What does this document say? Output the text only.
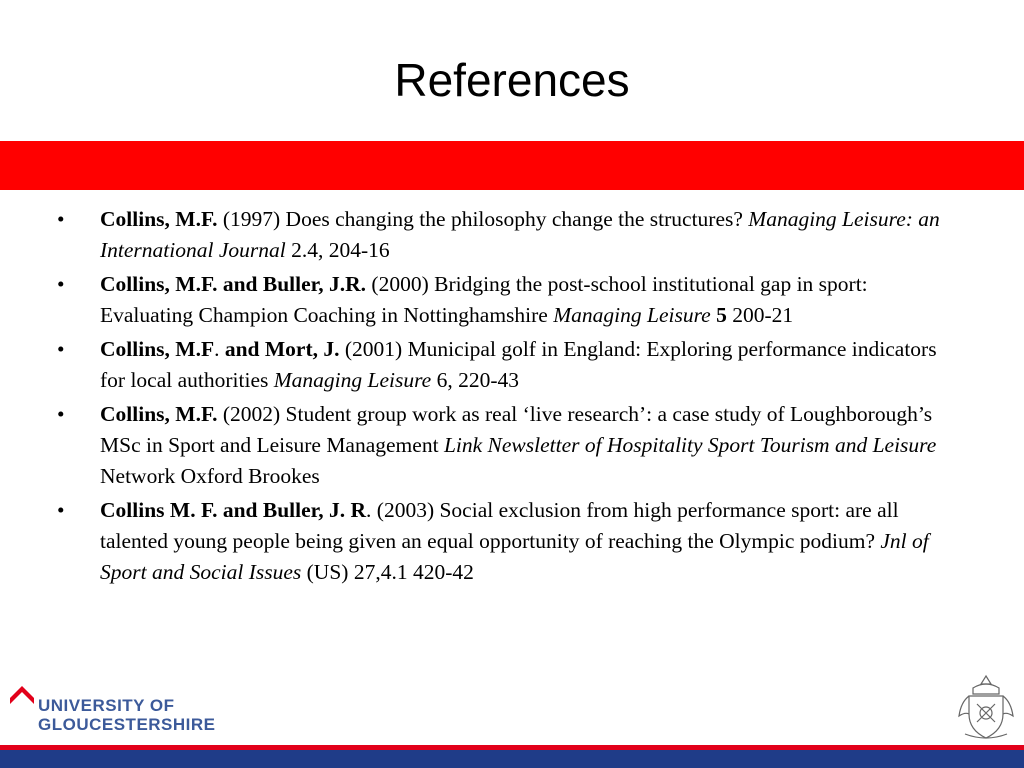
References
• Collins, M.F. (1997) Does changing the philosophy change the structures? Managing Leisure: an International Journal 2.4, 204-16
• Collins, M.F. and Buller, J.R. (2000) Bridging the post-school institutional gap in sport: Evaluating Champion Coaching in Nottinghamshire Managing Leisure 5 200-21
• Collins, M.F. and Mort, J. (2001) Municipal golf in England: Exploring performance indicators for local authorities Managing Leisure 6, 220-43
• Collins, M.F. (2002) Student group work as real ‘live research’: a case study of Loughborough’s MSc in Sport and Leisure Management Link Newsletter of Hospitality Sport Tourism and Leisure Network Oxford Brookes
• Collins M. F. and Buller, J. R. (2003) Social exclusion from high performance sport: are all talented young people being given an equal opportunity of reaching the Olympic podium? Jnl of Sport and Social Issues (US) 27,4.1 420-42
UNIVERSITY OF
GLOUCESTERSHIRE
